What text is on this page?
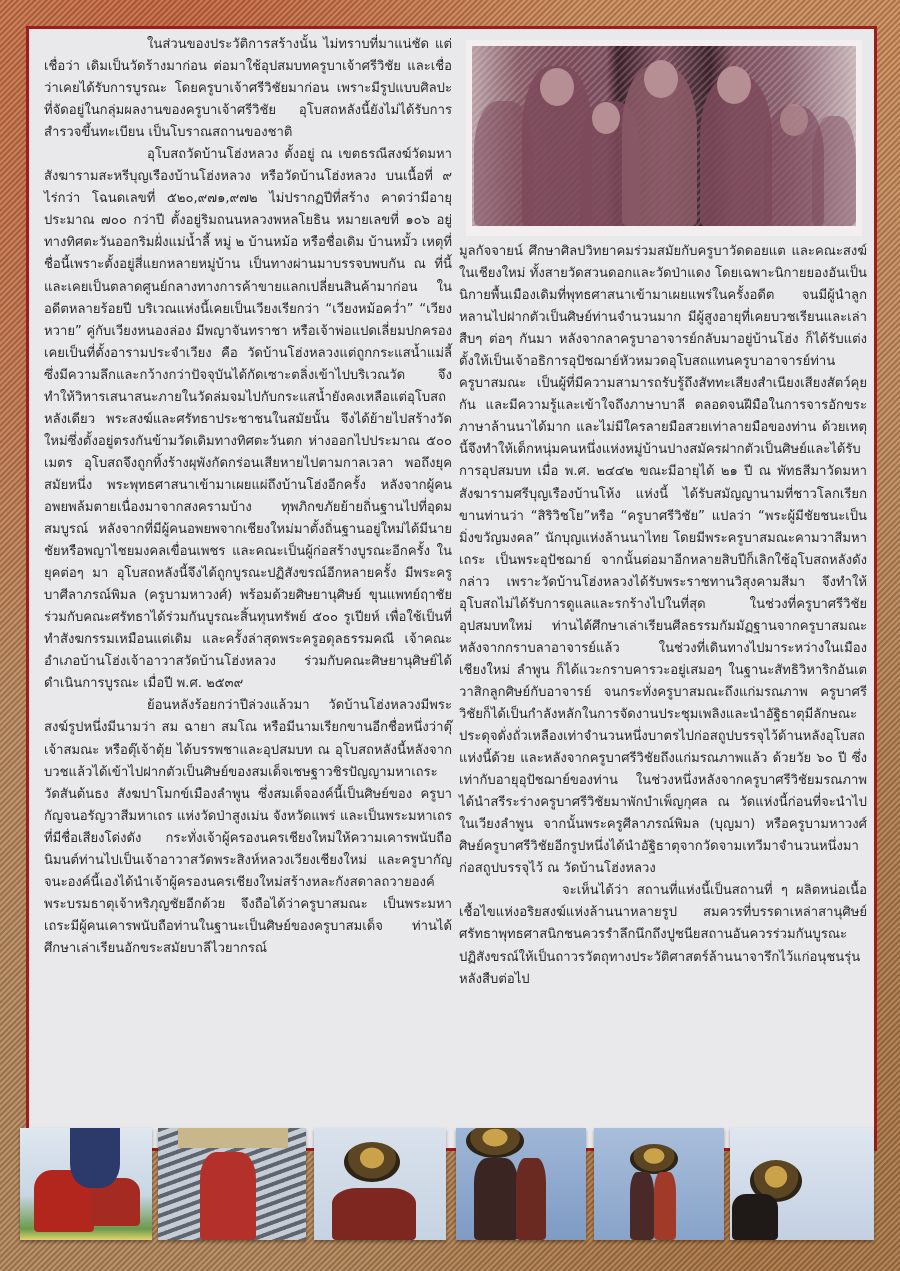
ในส่วนของประวัติการสร้างนั้น ไม่ทราบที่มาแน่ชัด แต่เชื่อว่า เดิมเป็นวัดร้างมาก่อน ต่อมาใช้อุปสมบทครูบาเจ้าศรีวิชัย และเชื่อว่าเคยได้รับการบูรณะ โดยครูบาเจ้าศรีวิชัยมาก่อน เพราะมีรูปแบบศิลปะที่จัดอยู่ในกลุ่มผลงานของครูบาเจ้าศรีวิชัย อุโบสถหลังนี้ยังไม่ได้รับการสำรวจขึ้นทะเบียน เป็นโบราณสถานของชาติ

อุโบสถวัดบ้านโฮ่งหลวง ตั้งอยู่ ณ เขตธรณีสงฆ์วัดมหาสังฆารามสะหรีบุญเรืองบ้านโฮ่งหลวง หรือวัดบ้านโฮ่งหลวง บนเนื้อที่ ๙ ไร่กว่า โฉนดเลขที่ ๕๒๐,๙๗๑,๙๗๒ ไม่ปรากฏปีที่สร้าง คาดว่ามีอายุประมาณ ๗๐๐ กว่าปี ตั้งอยู่ริมถนนหลวงพหลโยธิน หมายเลขที่ ๑๐๖ อยู่ทางทิศตะวันออกริมฝั่งแม่น้ำลี้ หมู่ ๒ บ้านหม้อ หรือชื่อเดิม บ้านหมั้ว เหตุที่ชื่อนี้เพราะตั้งอยู่สี่แยกหลายหมู่บ้าน เป็นทางผ่านมาบรรจบพบกัน ณ ที่นี้ และเคยเป็นตลาดศูนย์กลางทางการค้าขายแลกเปลี่ยนสินค้ามาก่อน ในอดีตหลายร้อยปี บริเวณแห่งนี้เคยเป็นเวียงเรียกว่า “เวียงหม้อคว่ำ” “เวียงหวาย” คู่กับเวียงหนองล่อง มีพญาจันทราชา หรือเจ้าพ่อแปดเลี่ยมปกครอง เคยเป็นที่ตั้งอารามประจำเวียง คือ วัดบ้านโฮ่งหลวงแต่ถูกกระแสน้ำแม่ลี้ซึ่งมีความลึกและกว้างกว่าปัจจุบันได้กัดเซาะตลิ่งเข้าไปบริเวณวัด จึงทำให้วิหารเสนาสนะภายในวัดล่มจมไปกับกระแสน้ำยังคงเหลือแต่อุโบสถหลังเดียว พระสงฆ์และศรัทธาประชาชนในสมัยนั้น จึงได้ย้ายไปสร้างวัดใหม่ซึ่งตั้งอยู่ตรงกันข้ามวัดเดิมทางทิศตะวันตก ห่างออกไปประมาณ ๕๐๐ เมตร อุโบสถจึงถูกทิ้งร้างผุพังกัดกร่อนเสียหายไปตามกาลเวลา พอถึงยุคสมัยหนึ่ง พระพุทธศาสนาเข้ามาเผยแผ่ถึงบ้านโฮ่งอีกครั้ง หลังจากผู้คนอพยพล้มตายเนื่องมาจากสงครามบ้าง ทุพภิกขภัยย้ายถิ่นฐานไปที่อุดมสมบูรณ์ หลังจากที่มีผู้คนอพยพจากเชียงใหม่มาตั้งถิ่นฐานอยู่ใหม่ได้มีนายชัยหรือพญาไชยมงคลเขื่อนเพชร และคณะเป็นผู้ก่อสร้างบูรณะอีกครั้ง ในยุคต่อๆ มา อุโบสถหลังนี้จึงได้ถูกบูรณะปฏิสังขรณ์อีกหลายครั้ง มีพระครูบาศีลาภรณ์พิมล (ครูบามหาวงศ์) พร้อมด้วยศิษยานุศิษย์ ขุนแพทย์ฤาชัย ร่วมกับคณะศรัทธาได้ร่วมกันบูรณะสิ้นทุนทรัพย์ ๕๐๐ รูเปียห์ เพื่อใช้เป็นที่ทำสังฆกรรมเหมือนแต่เดิม และครั้งล่าสุดพระครูอดุลธรรมคณี เจ้าคณะอำเภอบ้านโฮ่งเจ้าอาวาสวัดบ้านโฮ่งหลวง ร่วมกับคณะศิษยานุศิษย์ได้ดำเนินการบูรณะ เมื่อปี พ.ศ. ๒๕๓๙

ย้อนหลังร้อยกว่าปีล่วงแล้วมา วัดบ้านโฮ่งหลวงมีพระสงฆ์รูปหนึ่งมีนามว่า สม ฉายา สมโณ หรือมีนามเรียกขานอีกชื่อหนึ่งว่าตุ๊เจ้าสมณะ หรือตุ๊เจ้าตุ้ย ได้บรรพชาและอุปสมบท ณ อุโบสถหลังนี้หลังจากบวชแล้วได้เข้าไปฝากตัวเป็นศิษย์ของสมเด็จเชษฐาวชิรปัญญามหาเถระ วัดสันต้นธง สังฆปาโมกข์เมืองลำพูน ซึ่งสมเด็จองค์นี้เป็นศิษย์ของ ครูบากัญจนอรัญวาสีมหาเถร แห่งวัดป่าสูงเม่น จังหวัดแพร่ และเป็นพระมหาเถรที่มีชื่อเสียงโด่งดัง กระทั่งเจ้าผู้ครองนครเชียงใหม่ให้ความเคารพนับถือนิมนต์ท่านไปเป็นเจ้าอาวาสวัดพระสิงห์หลวงเวียงเชียงใหม่ และครูบากัญจนะองค์นี้เองได้นำเจ้าผู้ครองนครเชียงใหม่สร้างหละกังสดาลถวายองค์พระบรมธาตุเจ้าหริภุญชัยอีกด้วย จึงถือได้ว่าครูบาสมณะ เป็นพระมหาเถระมีผู้คนเคารพนับถือท่านในฐานะเป็นศิษย์ของครูบาสมเด็จ ท่านได้ศึกษาเล่าเรียนอักขระสมัยบาลีไวยากรณ์

มูลกัจจายน์ ศึกษาศิลปวิทยาคมร่วมสมัยกับครูบาวัดดอยแต และคณะสงฆ์ในเชียงใหม่ ทั้งสายวัดสวนดอกและวัดป่าแดง โดยเฉพาะนิกายยองอันเป็นนิกายพื้นเมืองเดิมที่พุทธศาสนาเข้ามาเผยแพร่ในครั้งอดีต จนมีผู้นำลูกหลานไปฝากตัวเป็นศิษย์ท่านจำนวนมาก มีผู้สูงอายุที่เคยบวชเรียนและเล่าสืบๆ ต่อๆ กันมา หลังจากลาครูบาอาจารย์กลับมาอยู่บ้านโฮ่ง ก็ได้รับแต่งตั้งให้เป็นเจ้าอธิการอุปัชฌาย์หัวหมวดอุโบสถแทนครูบาอาจารย์ท่าน ครูบาสมณะ เป็นผู้ที่มีความสามารถรับรู้ถึงสัททะเสียงสำเนียงเสียงสัตว์คุยกัน และมีความรู้และเข้าใจถึงภาษาบาลี ตลอดจนฝีมือในการจารอักขระภาษาล้านนาได้มาก และไม่มีใครลายมือสวยเท่าลายมือของท่าน ด้วยเหตุนี้จึงทำให้เด็กหนุ่มคนหนึ่งแห่งหมู่บ้านปางสมัครฝากตัวเป็นศิษย์และได้รับการอุปสมบท เมื่อ พ.ศ. ๒๔๔๒ ขณะมีอายุได้ ๒๑ ปี ณ พัทธสีมาวัดมหาสังฆารามศรีบุญเรืองบ้านโห้ง แห่งนี้ ได้รับสมัญญานามที่ชาวโลกเรียกขานท่านว่า “สิริวิชโย”หรือ “ครูบาศรีวิชัย” แปลว่า “พระผู้มีชัยชนะเป็นมิ่งขวัญมงคล” นักบุญแห่งล้านนาไทย โดยมีพระครูบาสมณะคามวาสีมหาเถระ เป็นพระอุปัชฌาย์ จากนั้นต่อมาอีกหลายสิบปีก็เลิกใช้อุโบสถหลังดังกล่าว เพราะวัดบ้านโฮ่งหลวงได้รับพระราชทานวิสุงคามสีมา จึงทำให้อุโบสถไม่ได้รับการดูแลและรกร้างไปในที่สุด ในช่วงที่ครูบาศรีวิชัยอุปสมบทใหม่ ท่านได้ศึกษาเล่าเรียนศีลธรรมกัมมัฏฐานจากครูบาสมณะ หลังจากกราบลาอาจารย์แล้ว ในช่วงที่เดินทางไปมาระหว่างในเมืองเชียงใหม่ ลำพูน ก็ได้แวะกราบคารวะอยู่เสมอๆ ในฐานะสัทธิวิหาริกอันเตวาสิกลูกศิษย์กับอาจารย์ จนกระทั่งครูบาสมณะถึงแก่มรณภาพ ครูบาศรีวิชัยก็ได้เป็นกำลังหลักในการจัดงานประชุมเพลิงและนำอัฐิธาตุมีลักษณะประดุจดั่งถั่วเหลืองเท่าจำนวนหนึ่งบาตรไปก่อสถูปบรรจุไว้ด้านหลังอุโบสถแห่งนี้ด้วย และหลังจากครูบาศรีวิชัยถึงแก่มรณภาพแล้ว ด้วยวัย ๖๐ ปี ซึ่งเท่ากับอายุอุปัชฌาย์ของท่าน ในช่วงหนึ่งหลังจากครูบาศรีวิชัยมรณภาพ ได้นำสรีระร่างครูบาศรีวิชัยมาพักบำเพ็ญกุศล ณ วัดแห่งนี้ก่อนที่จะนำไปในเวียงลำพูน จากนั้นพระครูศีลาภรณ์พิมล (บุญมา) หรือครูบามหาวงศ์ ศิษย์ครูบาศรีวิชัยอีกรูปหนึ่งได้นำอัฐิธาตุจากวัดจามเทวีมาจำนวนหนึ่งมาก่อสถูปบรรจุไว้ ณ วัดบ้านโฮ่งหลวง

จะเห็นได้ว่า สถานที่แห่งนี้เป็นสถานที่ ๆ ผลิตหน่อเนื้อเชื้อไขแห่งอริยสงฆ์แห่งล้านนาหลายรูป สมควรที่บรรดาเหล่าสานุศิษย์ศรัทธาพุทธศาสนิกชนควรรำลึกนึกถึงปูชนียสถานอันควรร่วมกันบูรณะปฏิสังขรณ์ให้เป็นถาวรวัตถุทางประวัติศาสตร์ล้านนาจารึกไว้แก่อนุชนรุ่นหลังสืบต่อไป
